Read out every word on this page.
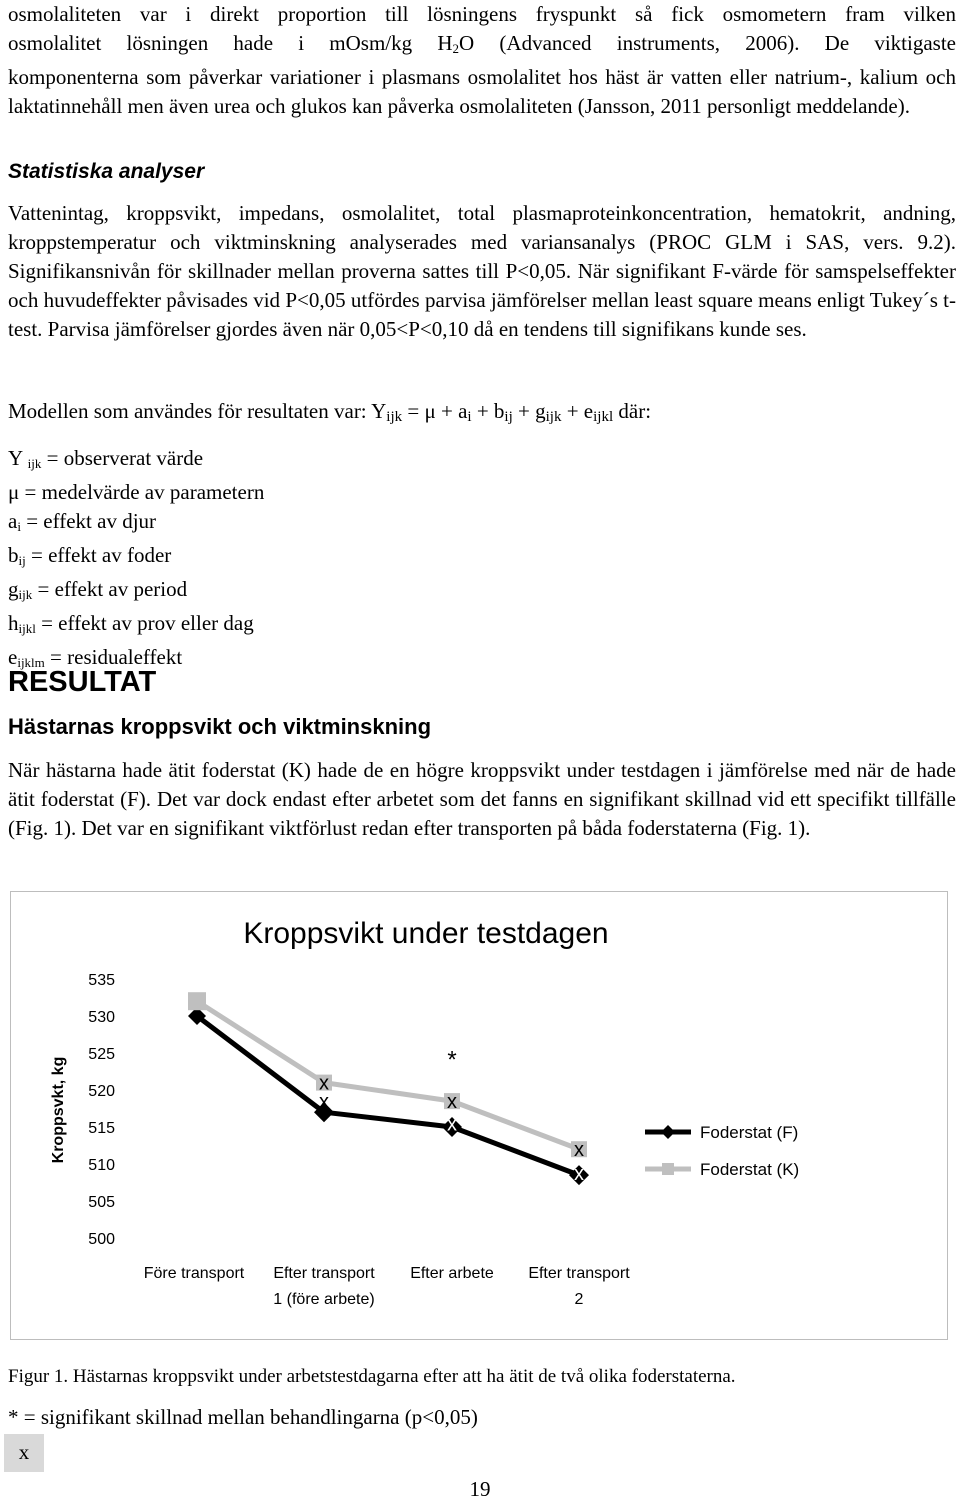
osmolaliteten var i direkt proportion till lösningens fryspunkt så fick osmometern fram vilken
osmolalitet lösningen hade i mOsm/kg $H_2O$ (Advanced instruments, 2006). De viktigaste
komponenterna som påverkar variationer i plasmans osmolalitet hos häst är vatten eller natrium-, kalium och laktatinnehåll men även urea och glukos kan påverka osmolaliteten (Jansson, 2011 personligt meddelande).
Statistiska analyser
Vattenintag, kroppsvikt, impedans, osmolalitet, total plasmaproteinkoncentration, hematokrit, andning, kroppstemperatur och viktminskning analyserades med variansanalys (PROC GLM i SAS, vers. 9.2). Signifikansnivån för skillnader mellan proverna sattes till P<0,05. När signifikant F-värde för samspelseffekter och huvudeffekter påvisades vid P<0,05 utfördes parvisa jämförelser mellan least square means enligt Tukey´s t-test. Parvisa jämförelser gjordes även när 0,05<P<0,10 då en tendens till signifikans kunde ses.
Modellen som användes för resultaten var: $Y_{ijk} = \mu + a_i + b_{ij} + g_{ijk} + e_{ijkl}$ där:
Y $_{ijk}$ = observerat värde
μ = medelvärde av parametern
$a_i$ = effekt av djur
$b_{ij}$ = effekt av foder
$g_{ijk}$ = effekt av period
$h_{ijkl}$ = effekt av prov eller dag
$e_{ijklm}$ = residualeffekt
RESULTAT
Hästarnas kroppsvikt och viktminskning
När hästarna hade ätit foderstat (K) hade de en högre kroppsvikt under testdagen i jämförelse med när de hade ätit foderstat (F). Det var dock endast efter arbetet som det fanns en signifikant skillnad vid ett specifikt tillfälle (Fig. 1). Det var en signifikant viktförlust redan efter transporten på båda foderstaterna (Fig. 1).
Kroppsvikt under testdagen
Kroppsvkt, kg
500
505
510
515
520
525
530
535
Före transport Efter transport
1 (före arbete)
Efter arbete Efter transport
2
x
x
*
x
x
x
x
Foderstat (F)
Foderstat (K)
Figur 1. Hästarnas kroppsvikt under arbetstestdagarna efter att ha ätit de två olika foderstaterna.
* = signifikant skillnad mellan behandlingarna (p<0,05)
x
19
